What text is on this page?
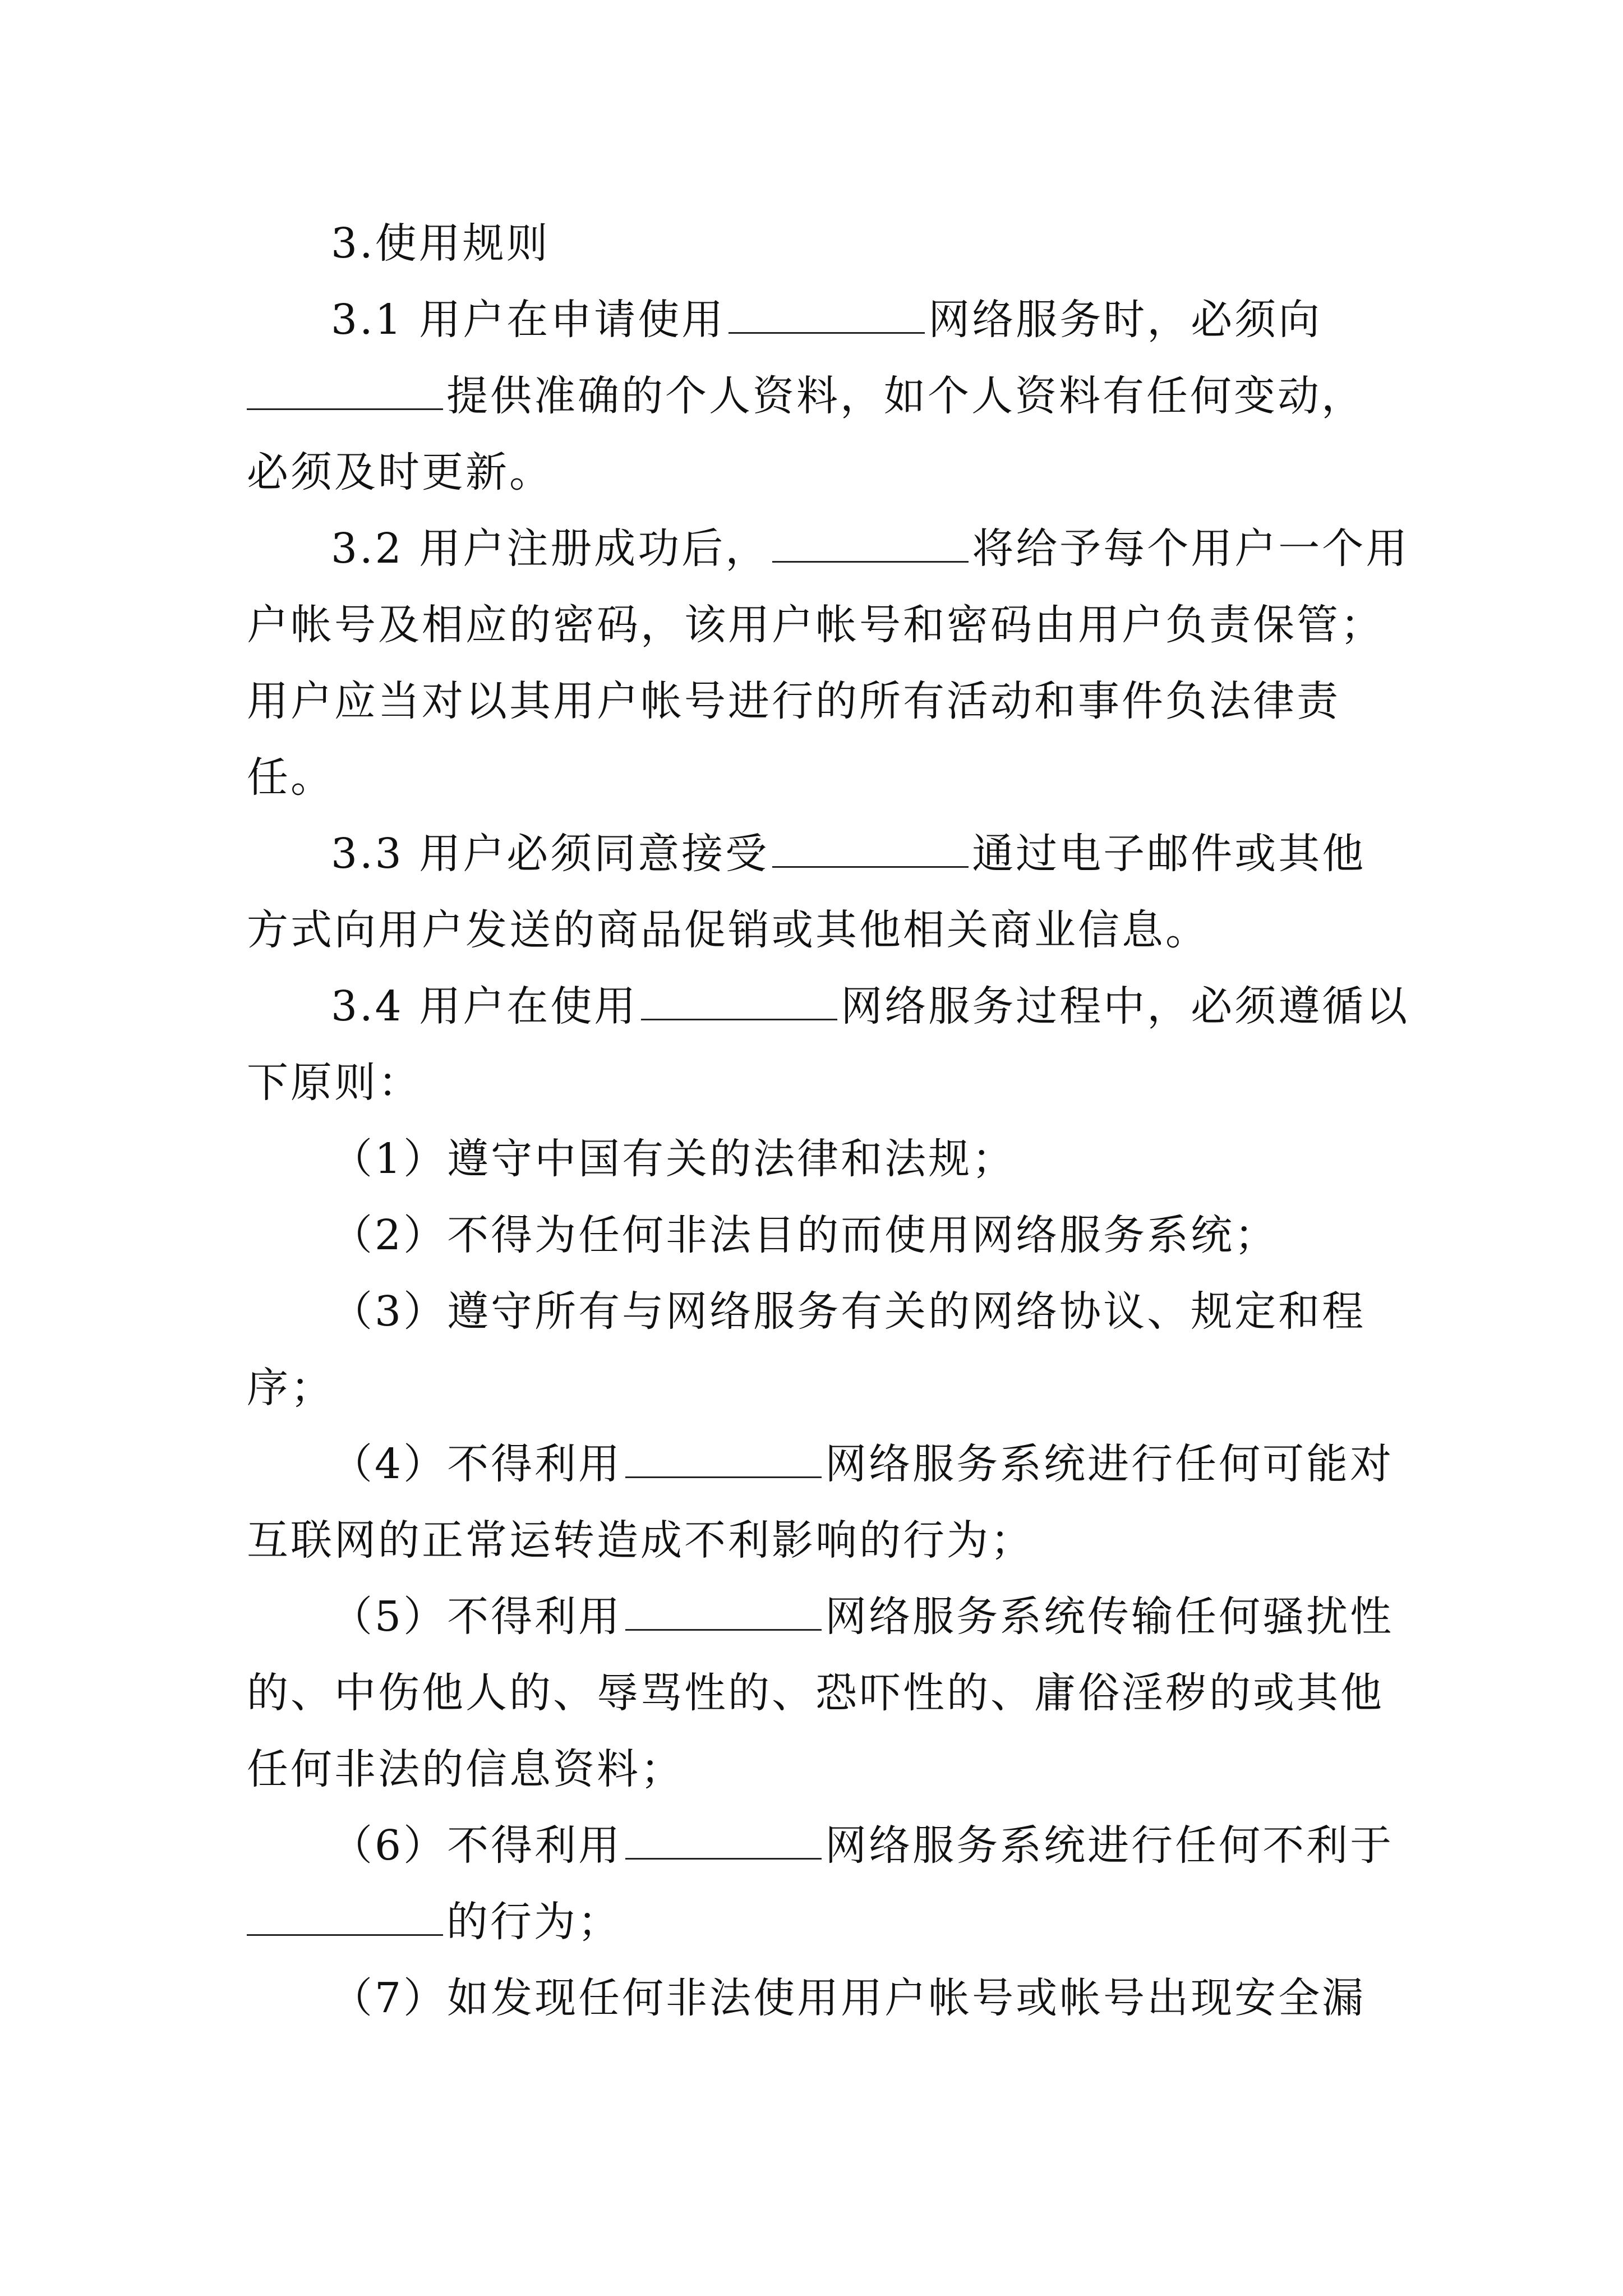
3.使用规则
3.1 用户在申请使用	网络服务时，必须向
提供准确的个人资料，如个人资料有任何变动，
必须及时更新。
3.2 用户注册成功后，	将给予每个用户一个用
户帐号及相应的密码，该用户帐号和密码由用户负责保管；
用户应当对以其用户帐号进行的所有活动和事件负法律责
任。
3.3 用户必须同意接受	通过电子邮件或其他
方式向用户发送的商品促销或其他相关商业信息。
3.4 用户在使用	网络服务过程中，必须遵循以
下原则：
（1）遵守中国有关的法律和法规；
（2）不得为任何非法目的而使用网络服务系统；
（3）遵守所有与网络服务有关的网络协议、规定和程
序；
（4）不得利用	网络服务系统进行任何可能对
互联网的正常运转造成不利影响的行为；
（5）不得利用	网络服务系统传输任何骚扰性
的、中伤他人的、辱骂性的、恐吓性的、庸俗淫秽的或其他
任何非法的信息资料；
（6）不得利用	网络服务系统进行任何不利于
的行为；
（7）如发现任何非法使用用户帐号或帐号出现安全漏
